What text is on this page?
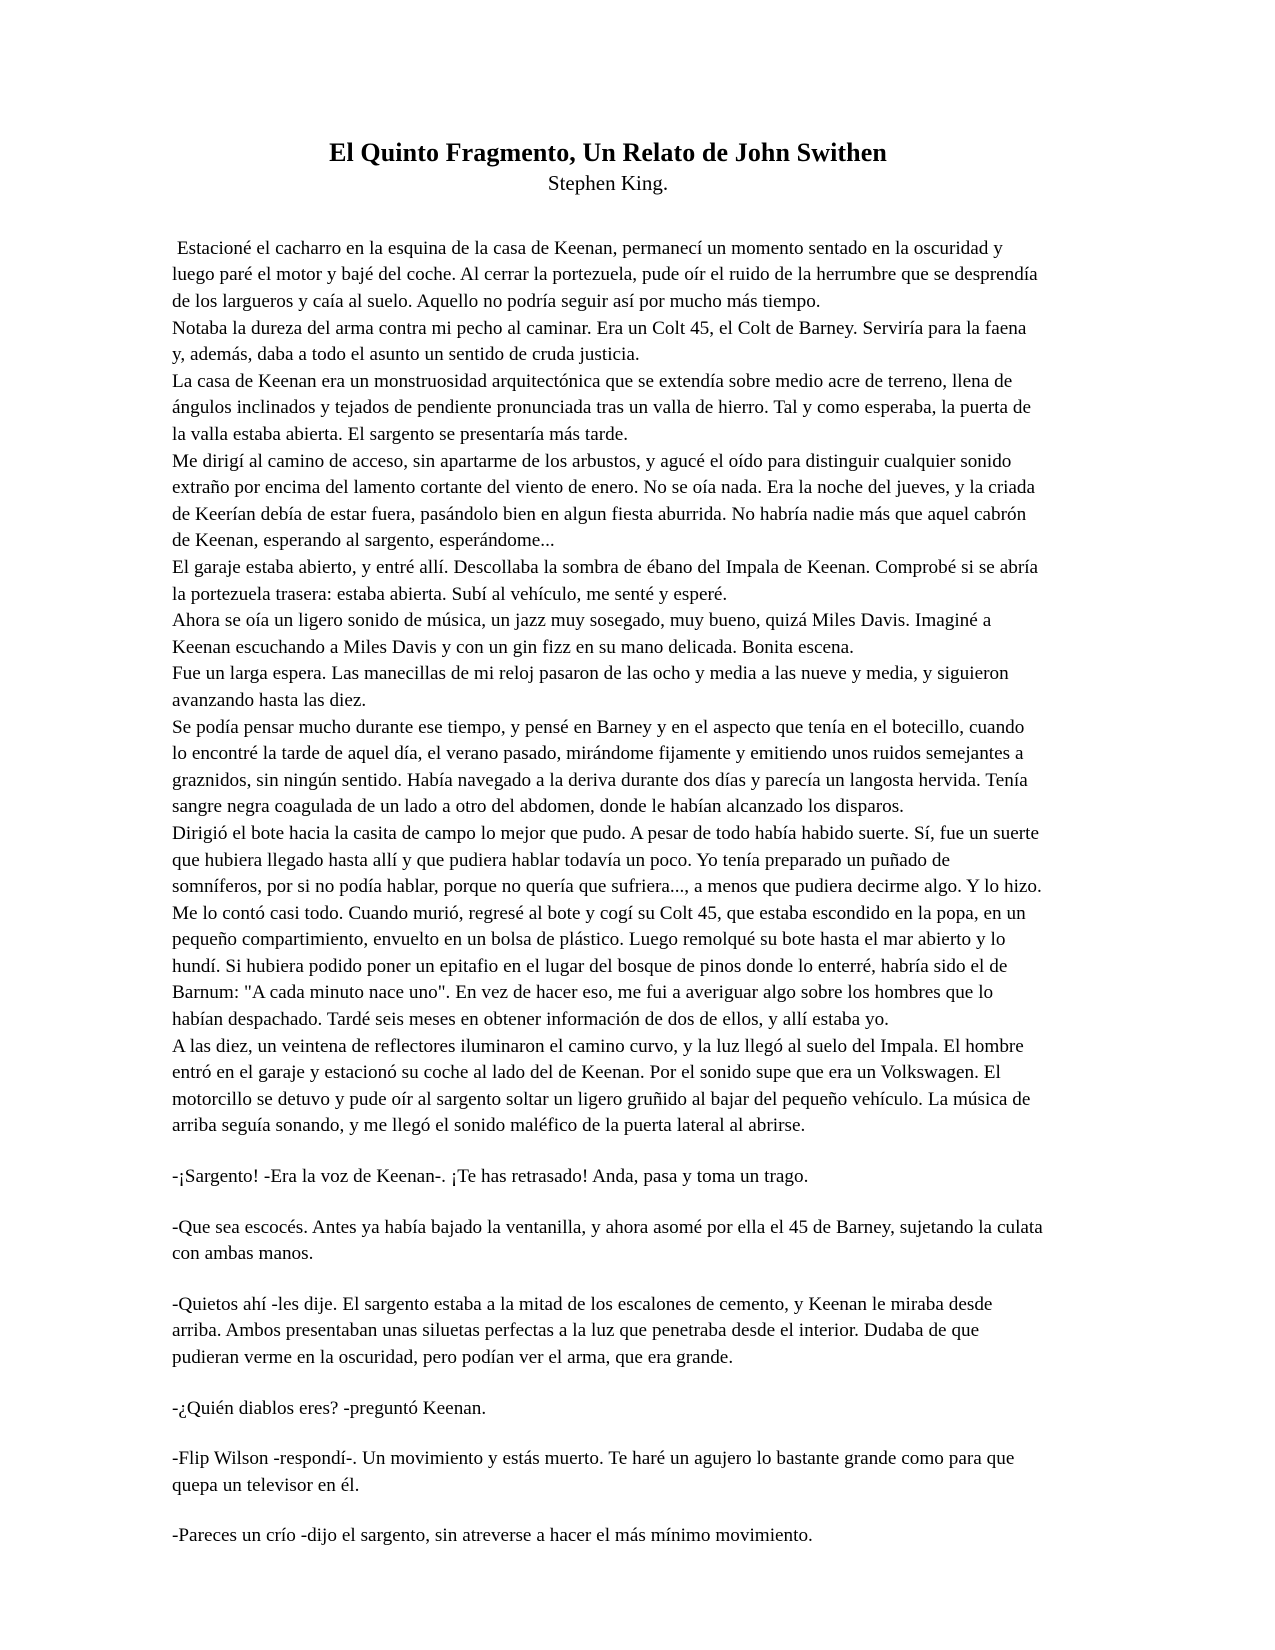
El Quinto Fragmento, Un Relato de John Swithen
Stephen King.

Estacioné el cacharro en la esquina de la casa de Keenan, permanecí un momento sentado en la oscuridad y luego paré el motor y bajé del coche. Al cerrar la portezuela, pude oír el ruido de la herrumbre que se desprendía de los largueros y caía al suelo. Aquello no podría seguir así por mucho más tiempo.

Notaba la dureza del arma contra mi pecho al caminar. Era un Colt 45, el Colt de Barney. Serviría para la faena y, además, daba a todo el asunto un sentido de cruda justicia.

La casa de Keenan era un monstruosidad arquitectónica que se extendía sobre medio acre de terreno, llena de ángulos inclinados y tejados de pendiente pronunciada tras un valla de hierro. Tal y como esperaba, la puerta de la valla estaba abierta. El sargento se presentaría más tarde.

Me dirigí al camino de acceso, sin apartarme de los arbustos, y agucé el oído para distinguir cualquier sonido extraño por encima del lamento cortante del viento de enero. No se oía nada. Era la noche del jueves, y la criada de Keerían debía de estar fuera, pasándolo bien en algun fiesta aburrida. No habría nadie más que aquel cabrón de Keenan, esperando al sargento, esperándome...

El garaje estaba abierto, y entré allí. Descollaba la sombra de ébano del Impala de Keenan. Comprobé si se abría la portezuela trasera: estaba abierta. Subí al vehículo, me senté y esperé.

Ahora se oía un ligero sonido de música, un jazz muy sosegado, muy bueno, quizá Miles Davis. Imaginé a Keenan escuchando a Miles Davis y con un gin fizz en su mano delicada. Bonita escena.

Fue un larga espera. Las manecillas de mi reloj pasaron de las ocho y media a las nueve y media, y siguieron avanzando hasta las diez.

Se podía pensar mucho durante ese tiempo, y pensé en Barney y en el aspecto que tenía en el botecillo, cuando lo encontré la tarde de aquel día, el verano pasado, mirándome fijamente y emitiendo unos ruidos semejantes a graznidos, sin ningún sentido. Había navegado a la deriva durante dos días y parecía un langosta hervida. Tenía sangre negra coagulada de un lado a otro del abdomen, donde le habían alcanzado los disparos.

Dirigió el bote hacia la casita de campo lo mejor que pudo. A pesar de todo había habido suerte. Sí, fue un suerte que hubiera llegado hasta allí y que pudiera hablar todavía un poco. Yo tenía preparado un puñado de somníferos, por si no podía hablar, porque no quería que sufriera..., a menos que pudiera decirme algo. Y lo hizo. Me lo contó casi todo. Cuando murió, regresé al bote y cogí su Colt 45, que estaba escondido en la popa, en un pequeño compartimiento, envuelto en un bolsa de plástico. Luego remolqué su bote hasta el mar abierto y lo hundí. Si hubiera podido poner un epitafio en el lugar del bosque de pinos donde lo enterré, habría sido el de Barnum: "A cada minuto nace uno". En vez de hacer eso, me fui a averiguar algo sobre los hombres que lo habían despachado. Tardé seis meses en obtener información de dos de ellos, y allí estaba yo.

A las diez, un veintena de reflectores iluminaron el camino curvo, y la luz llegó al suelo del Impala. El hombre entró en el garaje y estacionó su coche al lado del de Keenan. Por el sonido supe que era un Volkswagen. El motorcillo se detuvo y pude oír al sargento soltar un ligero gruñido al bajar del pequeño vehículo. La música de arriba seguía sonando, y me llegó el sonido maléfico de la puerta lateral al abrirse.

-¡Sargento! -Era la voz de Keenan-. ¡Te has retrasado! Anda, pasa y toma un trago.

-Que sea escocés. Antes ya había bajado la ventanilla, y ahora asomé por ella el 45 de Barney, sujetando la culata con ambas manos.

-Quietos ahí -les dije. El sargento estaba a la mitad de los escalones de cemento, y Keenan le miraba desde arriba. Ambos presentaban unas siluetas perfectas a la luz que penetraba desde el interior. Dudaba de que pudieran verme en la oscuridad, pero podían ver el arma, que era grande.

-¿Quién diablos eres? -preguntó Keenan.

-Flip Wilson -respondí-. Un movimiento y estás muerto. Te haré un agujero lo bastante grande como para que quepa un televisor en él.

-Pareces un crío -dijo el sargento, sin atreverse a hacer el más mínimo movimiento.
